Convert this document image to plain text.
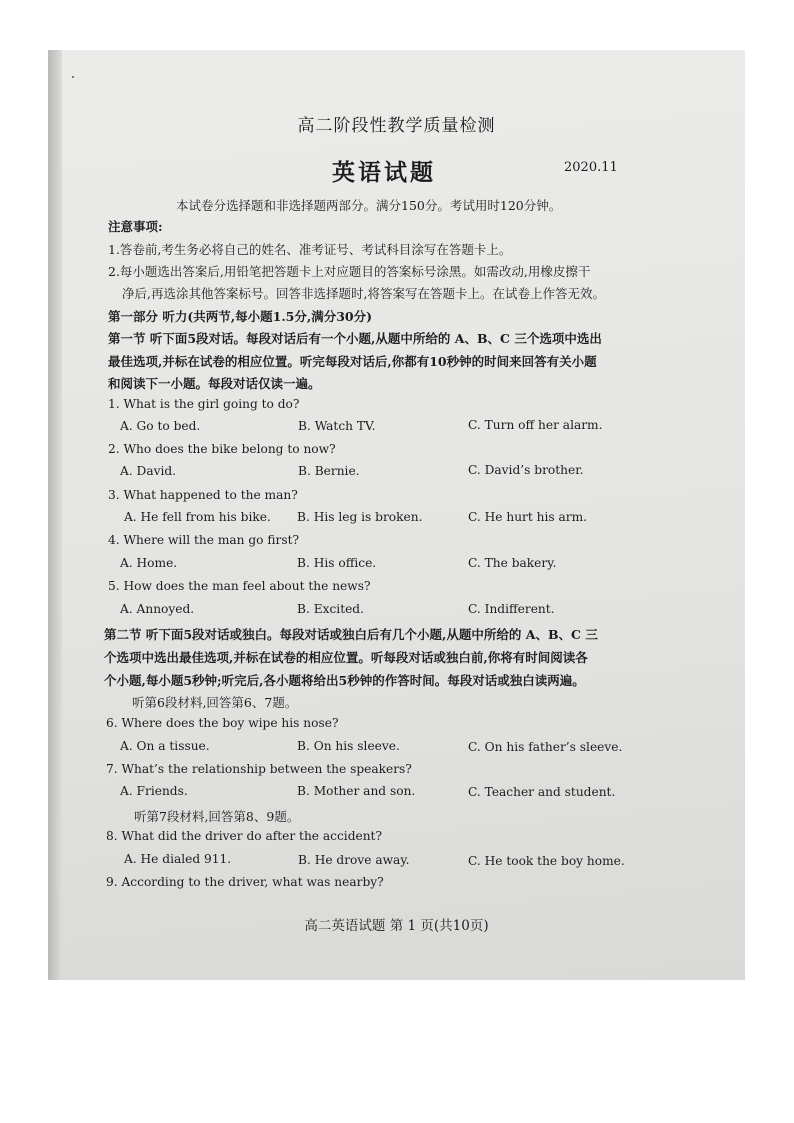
高二阶段性教学质量检测
英语试题	2020.11
本试卷分选择题和非选择题两部分。满分150分。考试用时120分钟。
注意事项:
1.答卷前,考生务必将自己的姓名、准考证号、考试科目涂写在答题卡上。
2.每小题选出答案后,用铅笔把答题卡上对应题目的答案标号涂黑。如需改动,用橡皮擦干
净后,再选涂其他答案标号。回答非选择题时,将答案写在答题卡上。在试卷上作答无效。
第一部分 听力(共两节,每小题1.5分,满分30分)
第一节 听下面5段对话。每段对话后有一个小题,从题中所给的 A、B、C 三个选项中选出
最佳选项,并标在试卷的相应位置。听完每段对话后,你都有10秒钟的时间来回答有关小题
和阅读下一小题。每段对话仅读一遍。
1. What is the girl going to do?
A. Go to bed.	B. Watch TV.	C. Turn off her alarm.
2. Who does the bike belong to now?
A. David.	B. Bernie.	C. David’s brother.
3. What happened to the man?
A. He fell from his bike. B. His leg is broken.	C. He hurt his arm.
4. Where will the man go first?
A. Home.	B. His office.	C. The bakery.
5. How does the man feel about the news?
A. Annoyed.	B. Excited.	C. Indifferent.
第二节 听下面5段对话或独白。每段对话或独白后有几个小题,从题中所给的 A、B、C 三
个选项中选出最佳选项,并标在试卷的相应位置。听每段对话或独白前,你将有时间阅读各
个小题,每小题5秒钟;听完后,各小题将给出5秒钟的作答时间。每段对话或独白读两遍。
听第6段材料,回答第6、7题。
6. Where does the boy wipe his nose?
A. On a tissue.	B. On his sleeve.	C. On his father’s sleeve.
7. What’s the relationship between the speakers?
A. Friends.	B. Mother and son.	C. Teacher and student.
听第7段材料,回答第8、9题。
8. What did the driver do after the accident?
A. He dialed 911.	B. He drove away.	C. He took the boy home.
9. According to the driver, what was nearby?
高二英语试题 第 1 页(共10页)
